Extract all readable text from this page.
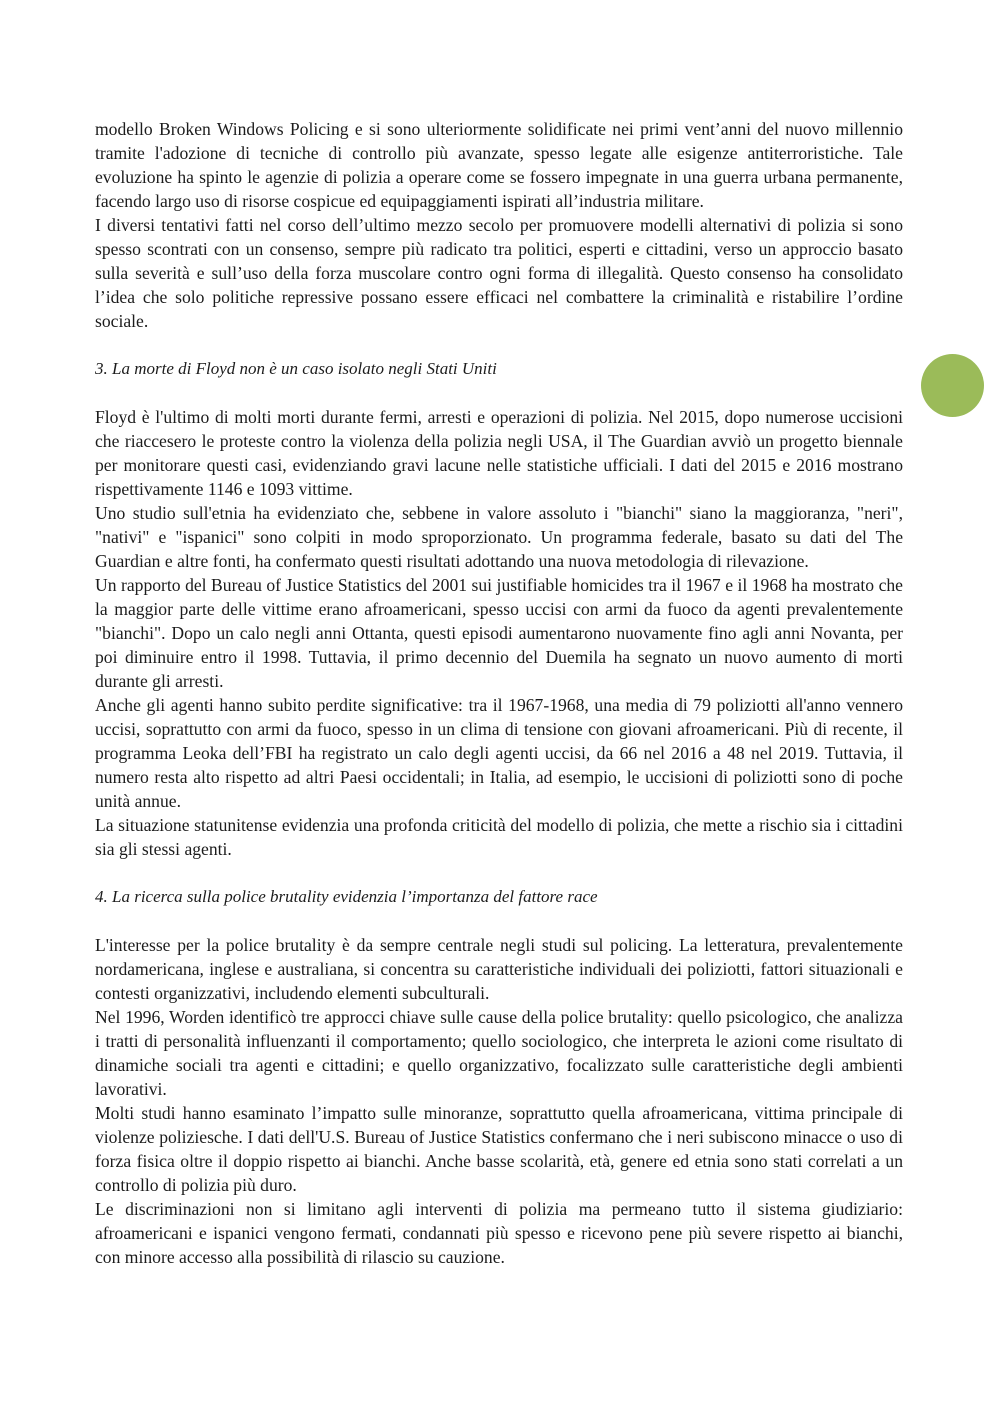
modello Broken Windows Policing e si sono ulteriormente solidificate nei primi vent’anni del nuovo millennio tramite l'adozione di tecniche di controllo più avanzate, spesso legate alle esigenze antiterroristiche. Tale evoluzione ha spinto le agenzie di polizia a operare come se fossero impegnate in una guerra urbana permanente, facendo largo uso di risorse cospicue ed equipaggiamenti ispirati all’industria militare.

I diversi tentativi fatti nel corso dell’ultimo mezzo secolo per promuovere modelli alternativi di polizia si sono spesso scontrati con un consenso, sempre più radicato tra politici, esperti e cittadini, verso un approccio basato sulla severità e sull’uso della forza muscolare contro ogni forma di illegalità. Questo consenso ha consolidato l’idea che solo politiche repressive possano essere efficaci nel combattere la criminalità e ristabilire l’ordine sociale.

3. La morte di Floyd non è un caso isolato negli Stati Uniti

Floyd è l'ultimo di molti morti durante fermi, arresti e operazioni di polizia. Nel 2015, dopo numerose uccisioni che riaccesero le proteste contro la violenza della polizia negli USA, il The Guardian avviò un progetto biennale per monitorare questi casi, evidenziando gravi lacune nelle statistiche ufficiali. I dati del 2015 e 2016 mostrano rispettivamente 1146 e 1093 vittime.

Uno studio sull'etnia ha evidenziato che, sebbene in valore assoluto i "bianchi" siano la maggioranza, "neri", "nativi" e "ispanici" sono colpiti in modo sproporzionato. Un programma federale, basato su dati del The Guardian e altre fonti, ha confermato questi risultati adottando una nuova metodologia di rilevazione.

Un rapporto del Bureau of Justice Statistics del 2001 sui justifiable homicides tra il 1967 e il 1968 ha mostrato che la maggior parte delle vittime erano afroamericani, spesso uccisi con armi da fuoco da agenti prevalentemente "bianchi". Dopo un calo negli anni Ottanta, questi episodi aumentarono nuovamente fino agli anni Novanta, per poi diminuire entro il 1998. Tuttavia, il primo decennio del Duemila ha segnato un nuovo aumento di morti durante gli arresti.

Anche gli agenti hanno subito perdite significative: tra il 1967-1968, una media di 79 poliziotti all'anno vennero uccisi, soprattutto con armi da fuoco, spesso in un clima di tensione con giovani afroamericani. Più di recente, il programma Leoka dell’FBI ha registrato un calo degli agenti uccisi, da 66 nel 2016 a 48 nel 2019. Tuttavia, il numero resta alto rispetto ad altri Paesi occidentali; in Italia, ad esempio, le uccisioni di poliziotti sono di poche unità annue.

La situazione statunitense evidenzia una profonda criticità del modello di polizia, che mette a rischio sia i cittadini sia gli stessi agenti.

4. La ricerca sulla police brutality evidenzia l’importanza del fattore race

L'interesse per la police brutality è da sempre centrale negli studi sul policing. La letteratura, prevalentemente nordamericana, inglese e australiana, si concentra su caratteristiche individuali dei poliziotti, fattori situazionali e contesti organizzativi, includendo elementi subculturali.

Nel 1996, Worden identificò tre approcci chiave sulle cause della police brutality: quello psicologico, che analizza i tratti di personalità influenzanti il comportamento; quello sociologico, che interpreta le azioni come risultato di dinamiche sociali tra agenti e cittadini; e quello organizzativo, focalizzato sulle caratteristiche degli ambienti lavorativi.

Molti studi hanno esaminato l’impatto sulle minoranze, soprattutto quella afroamericana, vittima principale di violenze poliziesche. I dati dell'U.S. Bureau of Justice Statistics confermano che i neri subiscono minacce o uso di forza fisica oltre il doppio rispetto ai bianchi. Anche basse scolarità, età, genere ed etnia sono stati correlati a un controllo di polizia più duro.

Le discriminazioni non si limitano agli interventi di polizia ma permeano tutto il sistema giudiziario: afroamericani e ispanici vengono fermati, condannati più spesso e ricevono pene più severe rispetto ai bianchi, con minore accesso alla possibilità di rilascio su cauzione.
